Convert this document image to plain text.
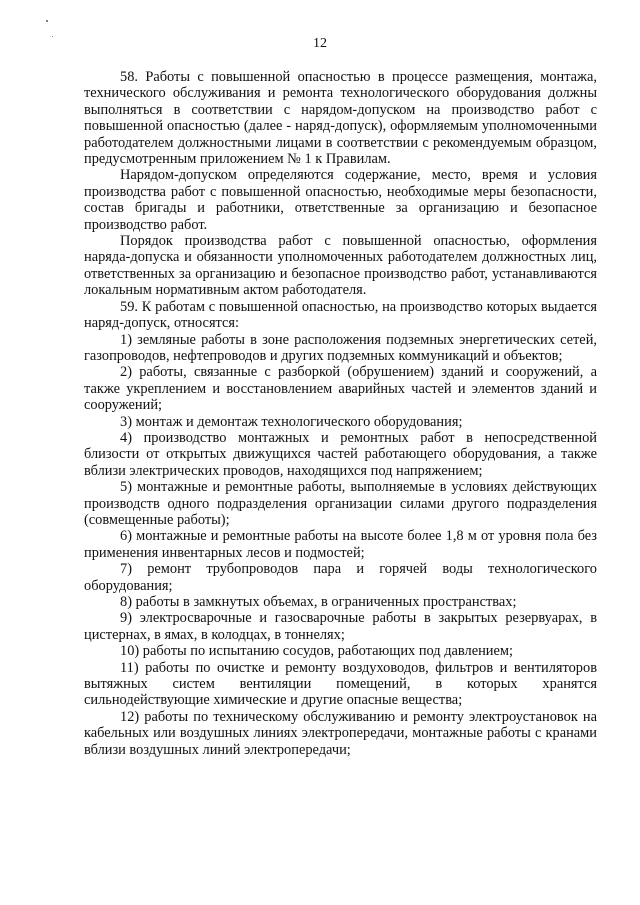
12

58. Работы с повышенной опасностью в процессе размещения, монтажа, технического обслуживания и ремонта технологического оборудования должны выполняться в соответствии с нарядом-допуском на производство работ с повышенной опасностью (далее - наряд-допуск), оформляемым уполномоченными работодателем должностными лицами в соответствии с рекомендуемым образцом, предусмотренным приложением № 1 к Правилам.

Нарядом-допуском определяются содержание, место, время и условия производства работ с повышенной опасностью, необходимые меры безопасности, состав бригады и работники, ответственные за организацию и безопасное производство работ.

Порядок производства работ с повышенной опасностью, оформления наряда-допуска и обязанности уполномоченных работодателем должностных лиц, ответственных за организацию и безопасное производство работ, устанавливаются локальным нормативным актом работодателя.

59. К работам с повышенной опасностью, на производство которых выдается наряд-допуск, относятся:

1) земляные работы в зоне расположения подземных энергетических сетей, газопроводов, нефтепроводов и других подземных коммуникаций и объектов;

2) работы, связанные с разборкой (обрушением) зданий и сооружений, а также укреплением и восстановлением аварийных частей и элементов зданий и сооружений;

3) монтаж и демонтаж технологического оборудования;

4) производство монтажных и ремонтных работ в непосредственной близости от открытых движущихся частей работающего оборудования, а также вблизи электрических проводов, находящихся под напряжением;

5) монтажные и ремонтные работы, выполняемые в условиях действующих производств одного подразделения организации силами другого подразделения (совмещенные работы);

6) монтажные и ремонтные работы на высоте более 1,8 м от уровня пола без применения инвентарных лесов и подмостей;

7) ремонт трубопроводов пара и горячей воды технологического оборудования;

8) работы в замкнутых объемах, в ограниченных пространствах;

9) электросварочные и газосварочные работы в закрытых резервуарах, в цистернах, в ямах, в колодцах, в тоннелях;

10) работы по испытанию сосудов, работающих под давлением;

11) работы по очистке и ремонту воздуховодов, фильтров и вентиляторов вытяжных систем вентиляции помещений, в которых хранятся сильнодействующие химические и другие опасные вещества;

12) работы по техническому обслуживанию и ремонту электроустановок на кабельных или воздушных линиях электропередачи, монтажные работы с кранами вблизи воздушных линий электропередачи;
